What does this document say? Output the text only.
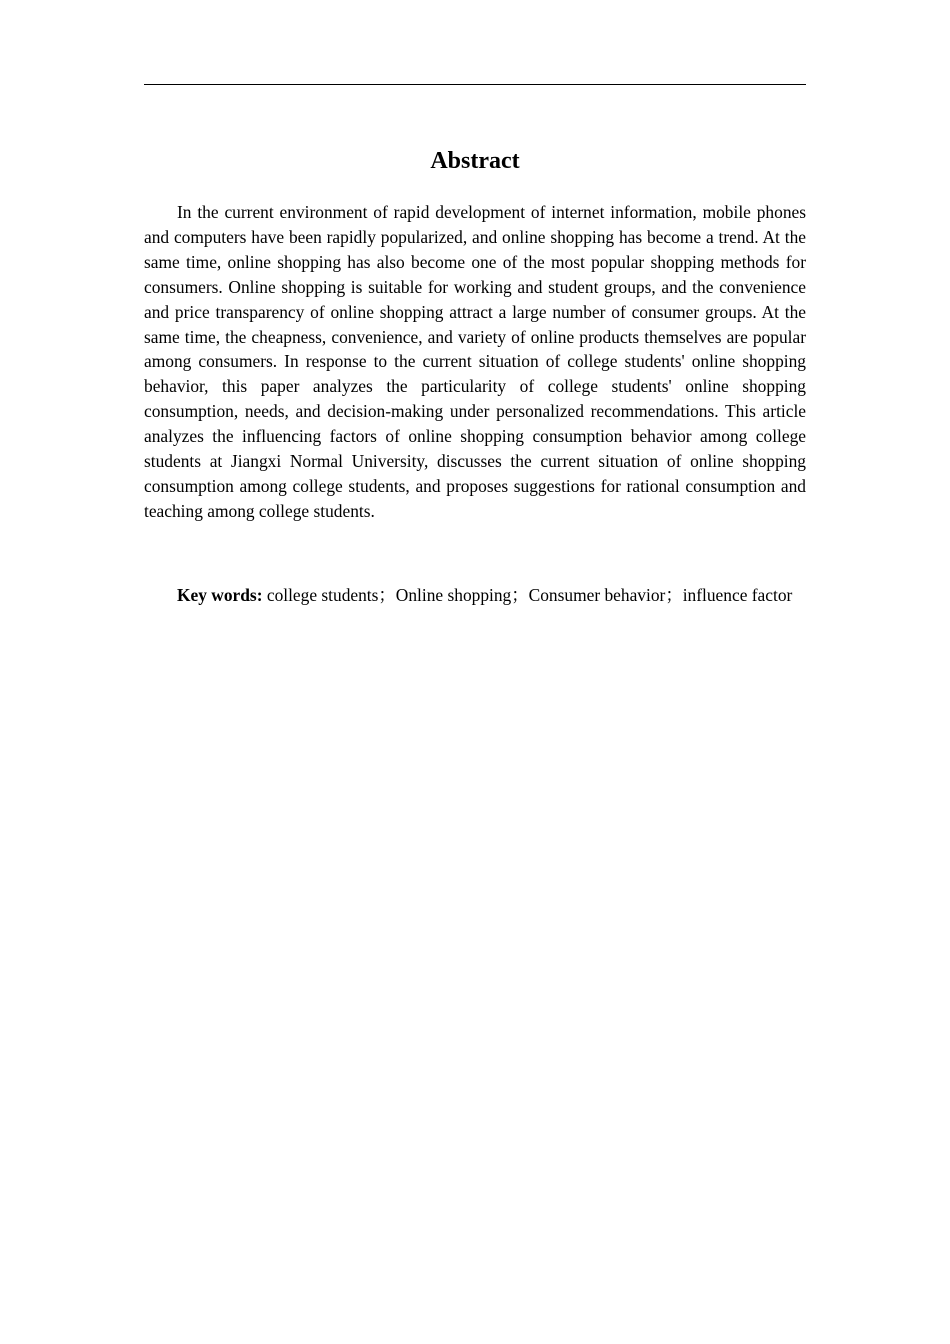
Abstract

In the current environment of rapid development of internet information, mobile phones and computers have been rapidly popularized, and online shopping has become a trend. At the same time, online shopping has also become one of the most popular shopping methods for consumers. Online shopping is suitable for working and student groups, and the convenience and price transparency of online shopping attract a large number of consumer groups. At the same time, the cheapness, convenience, and variety of online products themselves are popular among consumers. In response to the current situation of college students' online shopping behavior, this paper analyzes the particularity of college students' online shopping consumption, needs, and decision-making under personalized recommendations. This article analyzes the influencing factors of online shopping consumption behavior among college students at Jiangxi Normal University, discusses the current situation of online shopping consumption among college students, and proposes suggestions for rational consumption and teaching among college students.

Key words: college students；Online shopping；Consumer behavior；influence factor
